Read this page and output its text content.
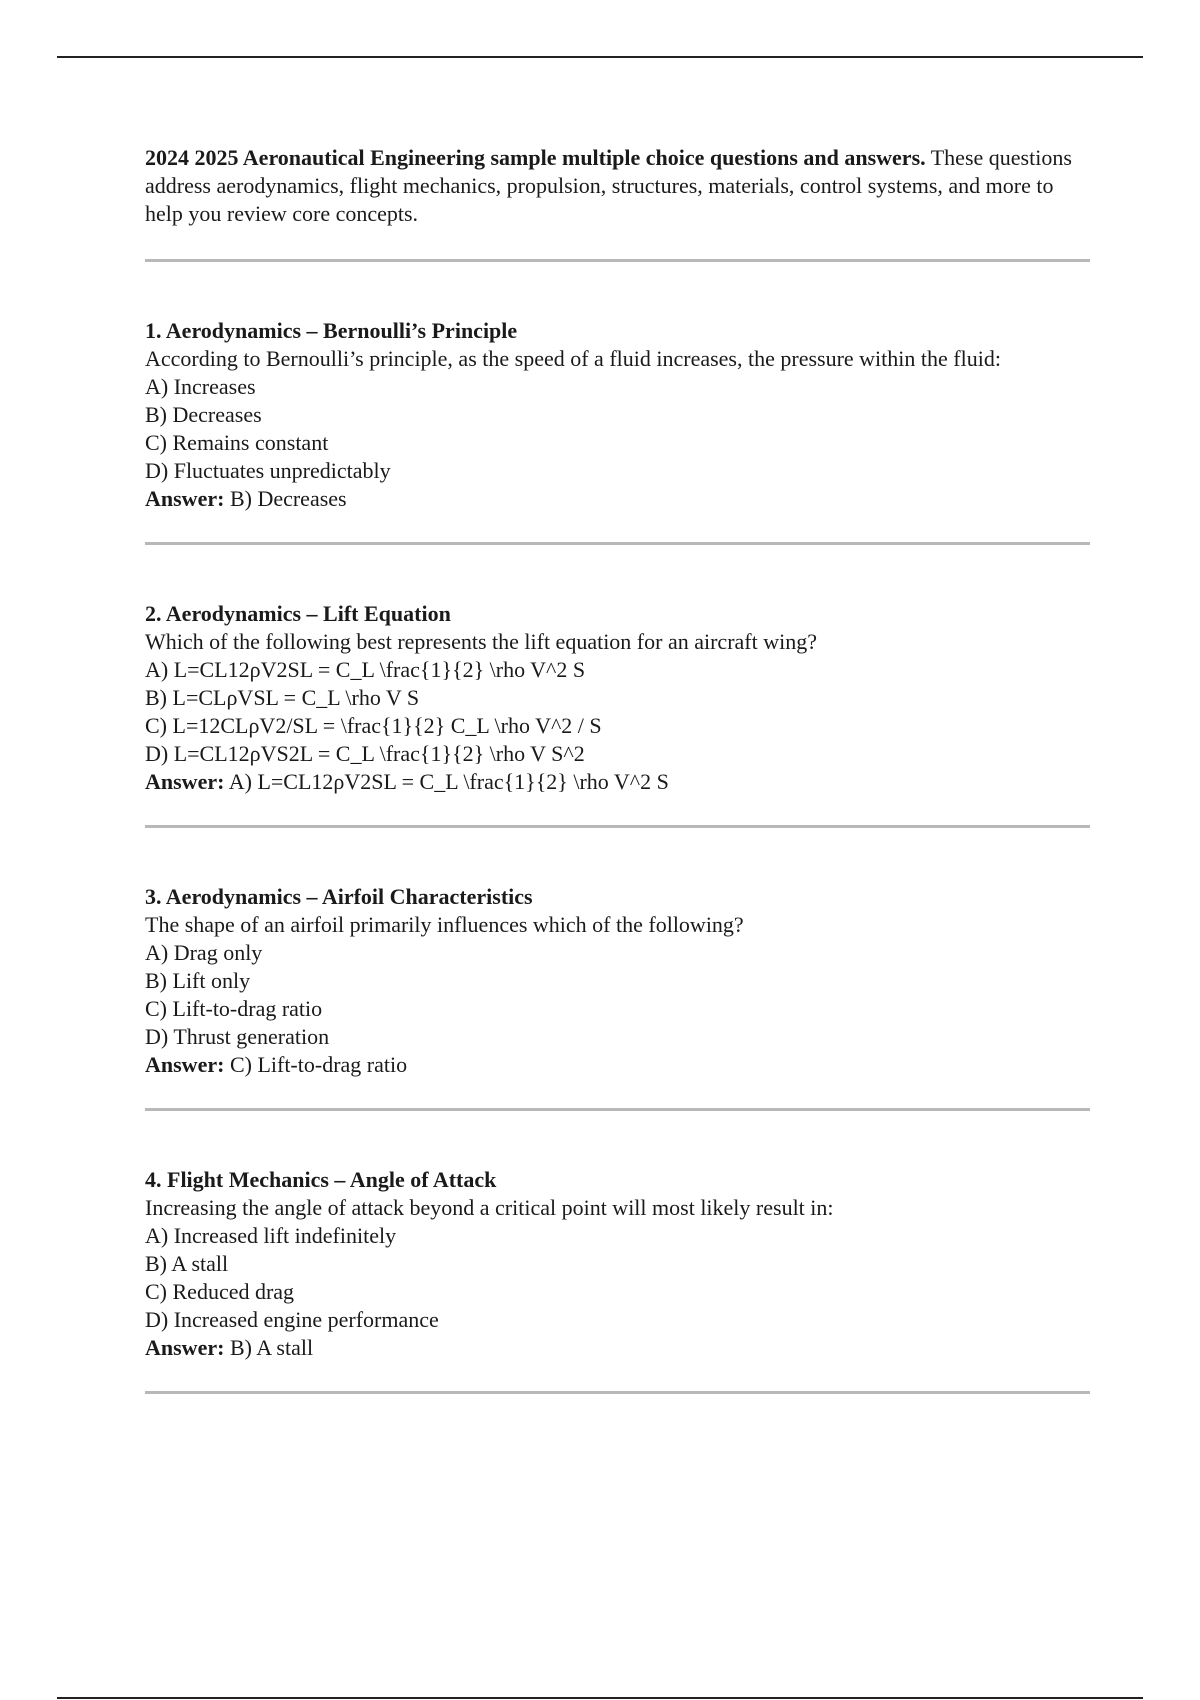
2024 2025 Aeronautical Engineering sample multiple choice questions and answers. These questions address aerodynamics, flight mechanics, propulsion, structures, materials, control systems, and more to help you review core concepts.

1. Aerodynamics – Bernoulli’s Principle
According to Bernoulli’s principle, as the speed of a fluid increases, the pressure within the fluid:
A) Increases
B) Decreases
C) Remains constant
D) Fluctuates unpredictably
Answer: B) Decreases
2. Aerodynamics – Lift Equation
Which of the following best represents the lift equation for an aircraft wing?
A) L=CL12ρV2SL = C_L \frac{1}{2} \rho V^2 S
B) L=CLρVSL = C_L \rho V S
C) L=12CLρV2/SL = \frac{1}{2} C_L \rho V^2 / S
D) L=CL12ρVS2L = C_L \frac{1}{2} \rho V S^2
Answer: A) L=CL12ρV2SL = C_L \frac{1}{2} \rho V^2 S
3. Aerodynamics – Airfoil Characteristics
The shape of an airfoil primarily influences which of the following?
A) Drag only
B) Lift only
C) Lift-to-drag ratio
D) Thrust generation
Answer: C) Lift-to-drag ratio
4. Flight Mechanics – Angle of Attack
Increasing the angle of attack beyond a critical point will most likely result in:
A) Increased lift indefinitely
B) A stall
C) Reduced drag
D) Increased engine performance
Answer: B) A stall
